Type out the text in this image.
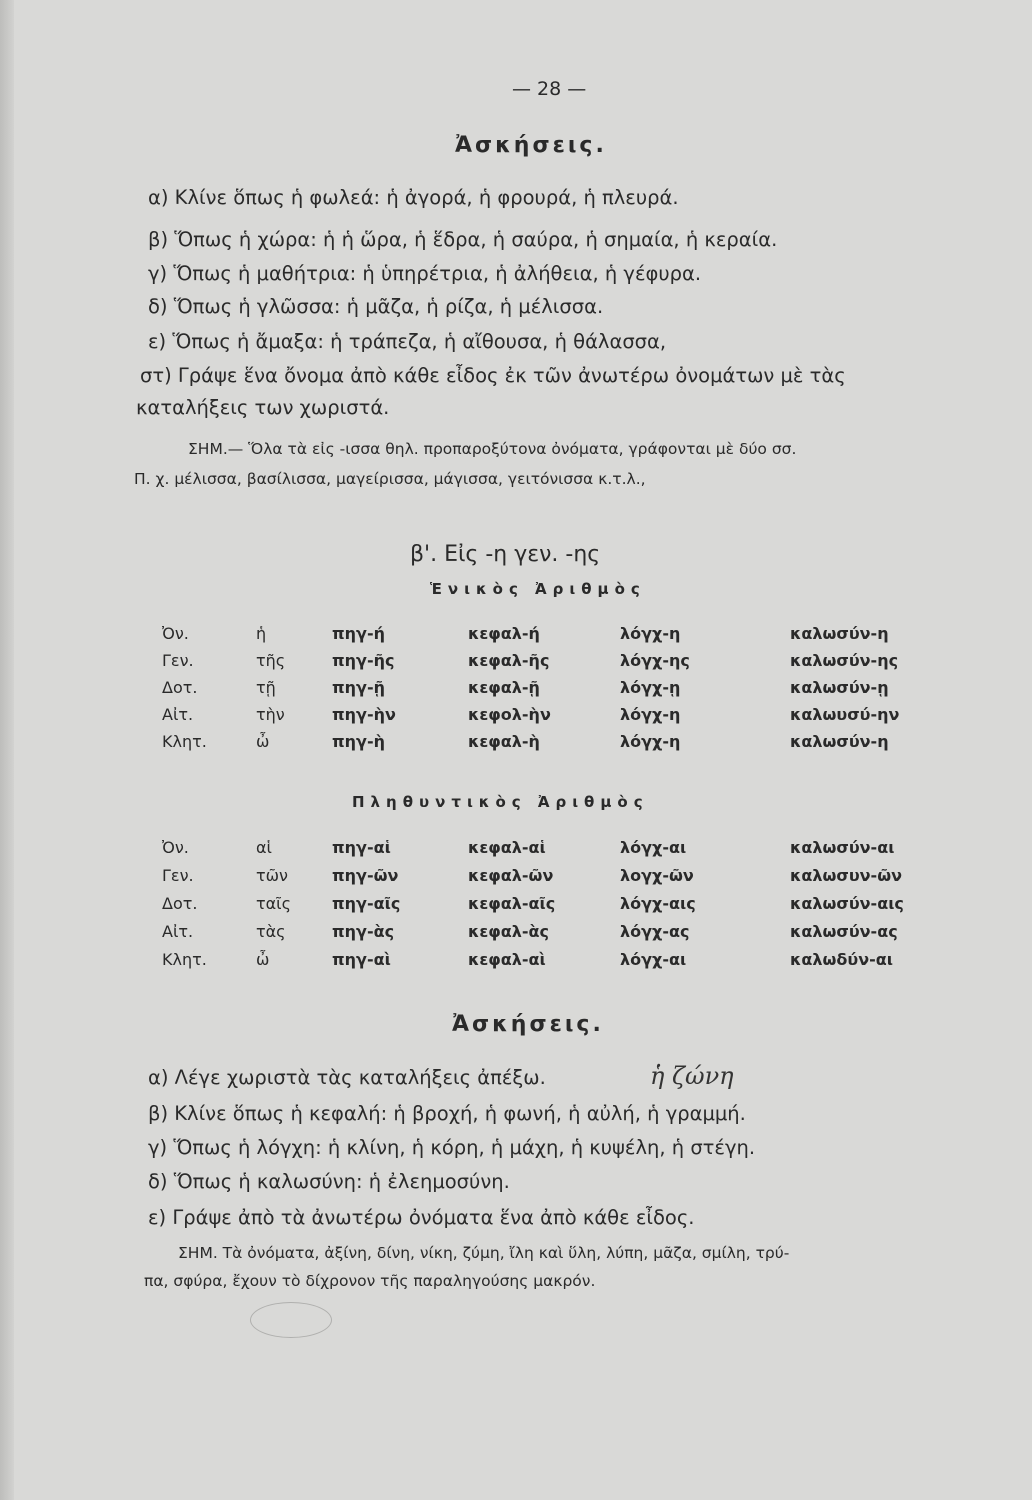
— 28 —
Ἀσκήσεις.
α) Κλίνε ὅπως ἡ φωλεά: ἡ ἀγορά, ἡ φρουρά, ἡ πλευρά.
β) Ὅπως ἡ χώρα: ἡ ἡ ὥρα, ἡ ἕδρα, ἡ σαύρα, ἡ σημαία, ἡ κεραία.
γ) Ὅπως ἡ μαθήτρια: ἡ ὑπηρέτρια, ἡ ἀλήθεια, ἡ γέφυρα.
δ) Ὅπως ἡ γλῶσσα: ἡ μᾶζα, ἡ ρίζα, ἡ μέλισσα.
ε) Ὅπως ἡ ἄμαξα: ἡ τράπεζα, ἡ αἴθουσα, ἡ θάλασσα,
στ) Γράψε ἕνα ὄνομα ἀπὸ κάθε εἶδος ἐκ τῶν ἀνωτέρω ὀνομάτων μὲ τὰς
καταλήξεις των χωριστά.
ΣΗΜ.— Ὅλα τὰ εἰς -ισσα θηλ. προπαροξύτονα ὀνόματα, γράφονται μὲ δύο σσ.
Π. χ. μέλισσα, βασίλισσα, μαγείρισσα, μάγισσα, γειτόνισσα κ.τ.λ.,
β'. Εἰς -η γεν. -ης
Ἑνικὸς Ἀριθμὸς
Ὀν.	ἡ	πηγ-ή	κεφαλ-ή	λόγχ-η	καλωσύν-η
Γεν.	τῆς	πηγ-ῆς	κεφαλ-ῆς	λόγχ-ης	καλωσύν-ης
Δοτ.	τῇ	πηγ-ῇ	κεφαλ-ῇ	λόγχ-ῃ	καλωσύν-ῃ
Αἰτ.	τὴν	πηγ-ὴν	κεφολ-ὴν	λόγχ-η	καλωυσύ-ην
Κλητ.	ὦ	πηγ-ὴ	κεφαλ-ὴ	λόγχ-η	καλωσύν-η
Πληθυντικὸς Ἀριθμὸς
Ὀν.	αἱ	πηγ-αἱ	κεφαλ-αἱ	λόγχ-αι	καλωσύν-αι
Γεν.	τῶν	πηγ-ῶν	κεφαλ-ῶν	λογχ-ῶν	καλωσυν-ῶν
Δοτ.	ταῖς	πηγ-αῖς	κεφαλ-αῖς	λόγχ-αις	καλωσύν-αις
Αἰτ.	τὰς	πηγ-ὰς	κεφαλ-ὰς	λόγχ-ας	καλωσύν-ας
Κλητ.	ὦ	πηγ-αὶ	κεφαλ-αὶ	λόγχ-αι	καλωδύν-αι
Ἀσκήσεις.
α) Λέγε χωριστὰ τὰς καταλήξεις ἀπέξω.	ἡ ζώνη
β) Κλίνε ὅπως ἡ κεφαλή: ἡ βροχή, ἡ φωνή, ἡ αὐλή, ἡ γραμμή.
γ) Ὅπως ἡ λόγχη: ἡ κλίνη, ἡ κόρη, ἡ μάχη, ἡ κυψέλη, ἡ στέγη.
δ) Ὅπως ἡ καλωσύνη: ἡ ἐλεημοσύνη.
ε) Γράψε ἀπὸ τὰ ἀνωτέρω ὀνόματα ἕνα ἀπὸ κάθε εἶδος.
ΣΗΜ. Τὰ ὀνόματα, ἀξίνη, δίνη, νίκη, ζύμη, ἴλη καὶ ὕλη, λύπη, μᾶζα, σμίλη, τρύ-
πα, σφύρα, ἔχουν τὸ δίχρονον τῆς παραληγούσης μακρόν.
